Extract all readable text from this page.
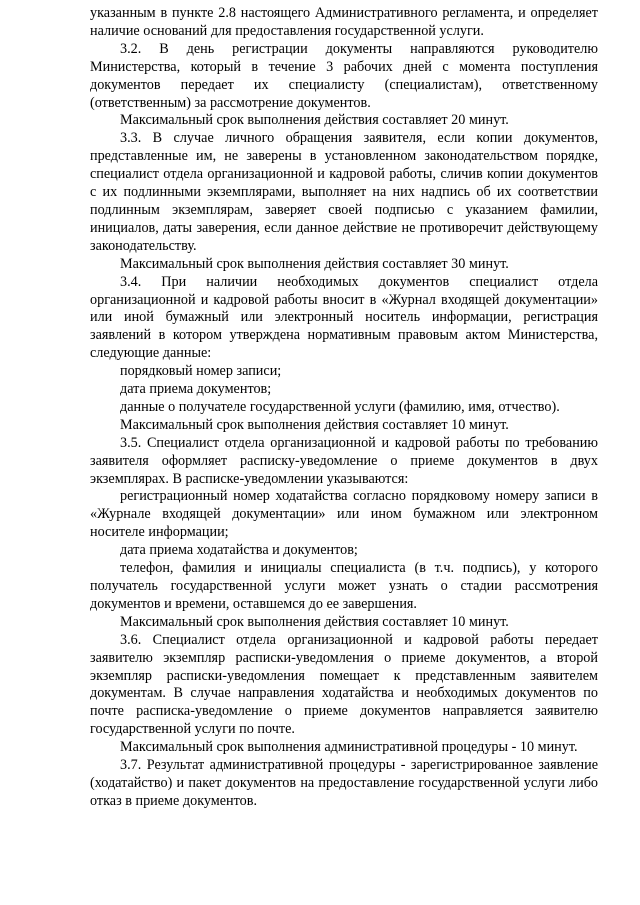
указанным в пункте 2.8 настоящего Административного регламента, и определяет наличие оснований для предоставления государственной услуги.

3.2. В день регистрации документы направляются руководителю Министерства, который в течение 3 рабочих дней с момента поступления документов передает их специалисту (специалистам), ответственному (ответственным) за рассмотрение документов.

Максимальный срок выполнения действия составляет 20 минут.

3.3. В случае личного обращения заявителя, если копии документов, представленные им, не заверены в установленном законодательством порядке, специалист отдела организационной и кадровой работы, сличив копии документов с их подлинными экземплярами, выполняет на них надпись об их соответствии подлинным экземплярам, заверяет своей подписью с указанием фамилии, инициалов, даты заверения, если данное действие не противоречит действующему законодательству.

Максимальный срок выполнения действия составляет 30 минут.

3.4. При наличии необходимых документов специалист отдела организационной и кадровой работы вносит в «Журнал входящей документации» или иной бумажный или электронный носитель информации, регистрация заявлений в котором утверждена нормативным правовым актом Министерства, следующие данные:

порядковый номер записи;

дата приема документов;

данные о получателе государственной услуги (фамилию, имя, отчество).

Максимальный срок выполнения действия составляет 10 минут.

3.5. Специалист отдела организационной и кадровой работы по требованию заявителя оформляет расписку-уведомление о приеме документов в двух экземплярах. В расписке-уведомлении указываются:

регистрационный номер ходатайства согласно порядковому номеру записи в «Журнале входящей документации» или ином бумажном или электронном носителе информации;

дата приема ходатайства и документов;

телефон, фамилия и инициалы специалиста (в т.ч. подпись), у которого получатель государственной услуги может узнать о стадии рассмотрения документов и времени, оставшемся до ее завершения.

Максимальный срок выполнения действия составляет 10 минут.

3.6. Специалист отдела организационной и кадровой работы передает заявителю экземпляр расписки-уведомления о приеме документов, а второй экземпляр расписки-уведомления помещает к представленным заявителем документам. В случае направления ходатайства и необходимых документов по почте расписка-уведомление о приеме документов направляется заявителю государственной услуги по почте.

Максимальный срок выполнения административной процедуры - 10 минут.

3.7. Результат административной процедуры - зарегистрированное заявление (ходатайство) и пакет документов на предоставление государственной услуги либо отказ в приеме документов.
